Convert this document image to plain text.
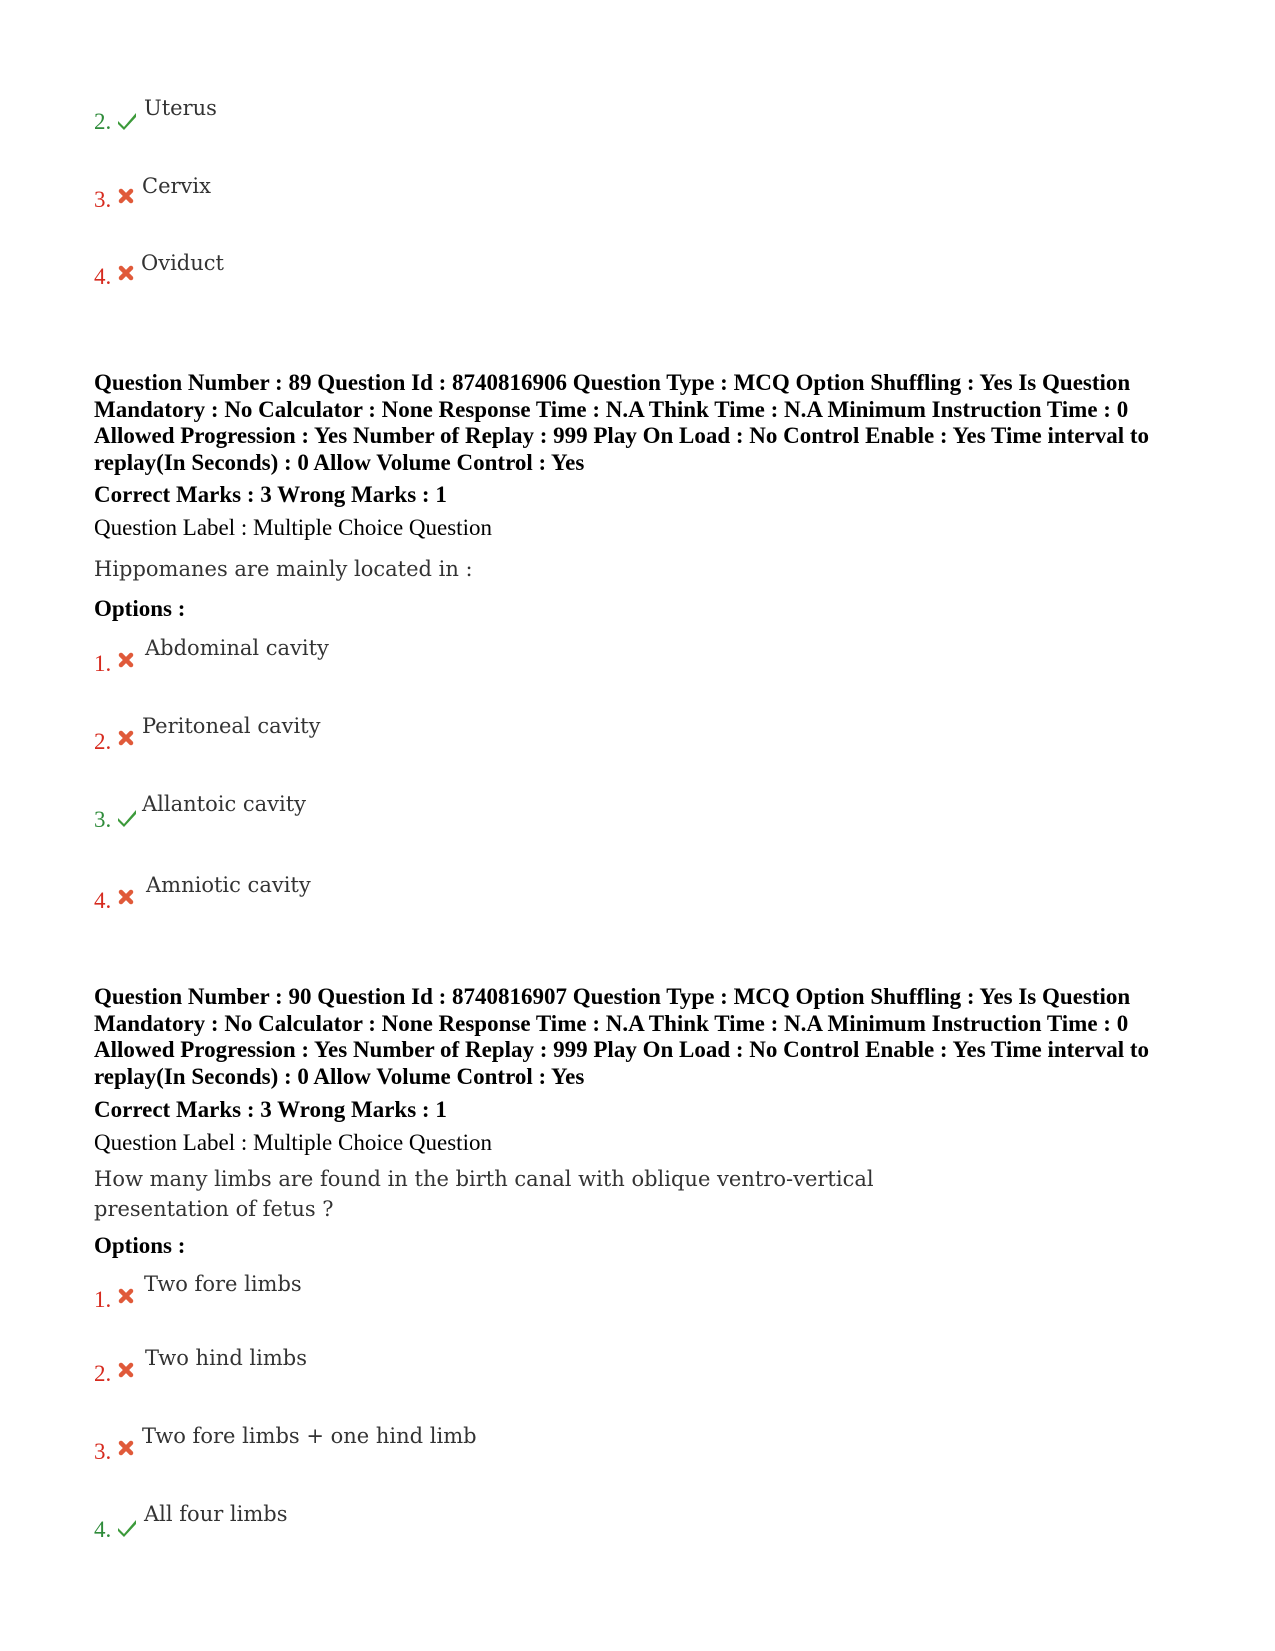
2.
Uterus
3.
Cervix
4.
Oviduct
Question Number : 89 Question Id : 8740816906 Question Type : MCQ Option Shuffling : Yes Is Question Mandatory : No Calculator : None Response Time : N.A Think Time : N.A Minimum Instruction Time : 0 Allowed Progression : Yes Number of Replay : 999 Play On Load : No Control Enable : Yes Time interval to replay(In Seconds) : 0 Allow Volume Control : Yes
Correct Marks : 3 Wrong Marks : 1
Question Label : Multiple Choice Question
Hippomanes are mainly located in :
Options :
1.
Abdominal cavity
2.
Peritoneal cavity
3.
Allantoic cavity
4.
Amniotic cavity
Question Number : 90 Question Id : 8740816907 Question Type : MCQ Option Shuffling : Yes Is Question Mandatory : No Calculator : None Response Time : N.A Think Time : N.A Minimum Instruction Time : 0 Allowed Progression : Yes Number of Replay : 999 Play On Load : No Control Enable : Yes Time interval to replay(In Seconds) : 0 Allow Volume Control : Yes
Correct Marks : 3 Wrong Marks : 1
Question Label : Multiple Choice Question
How many limbs are found in the birth canal with oblique ventro-vertical presentation of fetus ?
Options :
1.
Two fore limbs
2.
Two hind limbs
3.
Two fore limbs + one hind limb
4.
All four limbs
